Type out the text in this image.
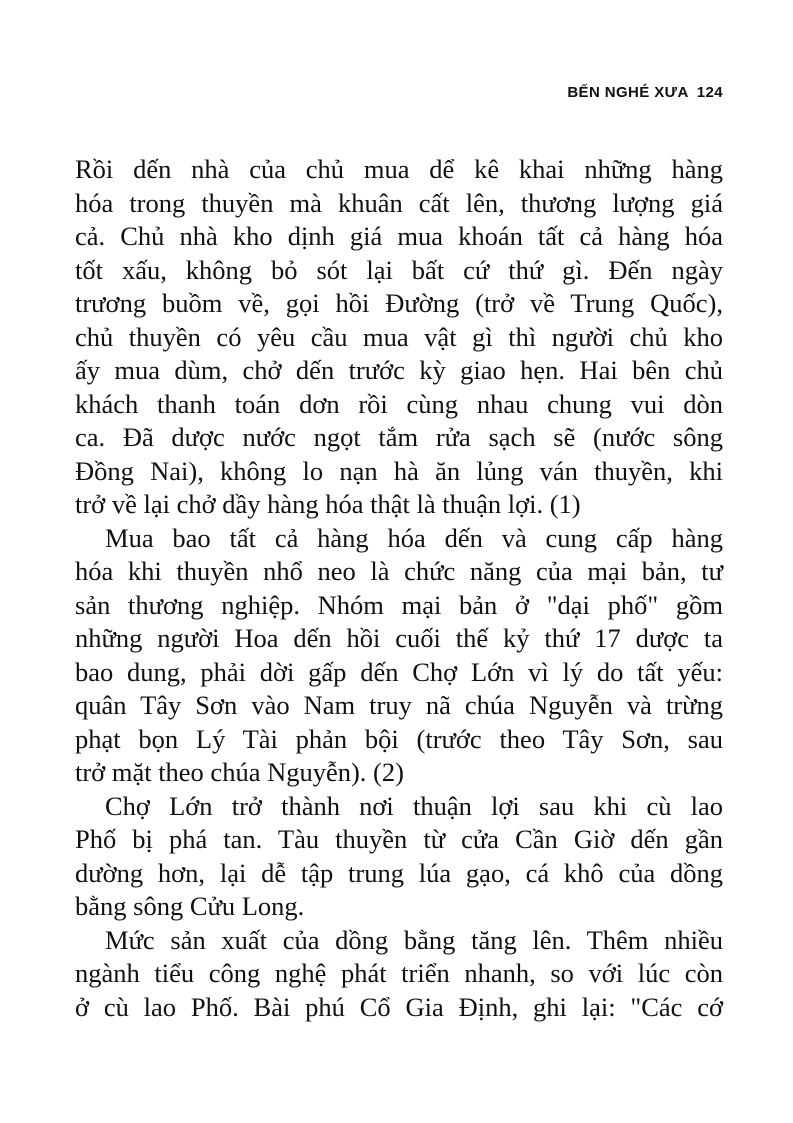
BẾN NGHÉ XƯA 124
Rồi dến nhà của chủ mua dể kê khai những hàng
hóa trong thuyền mà khuân cất lên, thương lượng giá
cả. Chủ nhà kho dịnh giá mua khoán tất cả hàng hóa
tốt xấu, không bỏ sót lại bất cứ thứ gì. Đến ngày
trương buồm về, gọi hồi Đường (trở về Trung Quốc),
chủ thuyền có yêu cầu mua vật gì thì người chủ kho
ấy mua dùm, chở dến trước kỳ giao hẹn. Hai bên chủ
khách thanh toán dơn rồi cùng nhau chung vui dòn
ca. Đã dược nước ngọt tắm rửa sạch sẽ (nước sông
Đồng Nai), không lo nạn hà ăn lủng ván thuyền, khi
trở về lại chở dầy hàng hóa thật là thuận lợi. (1)
Mua bao tất cả hàng hóa dến và cung cấp hàng
hóa khi thuyền nhổ neo là chức năng của mại bản, tư
sản thương nghiệp. Nhóm mại bản ở "dại phố" gồm
những người Hoa dến hồi cuối thế kỷ thứ 17 dược ta
bao dung, phải dời gấp dến Chợ Lớn vì lý do tất yếu:
quân Tây Sơn vào Nam truy nã chúa Nguyễn và trừng
phạt bọn Lý Tài phản bội (trước theo Tây Sơn, sau
trở mặt theo chúa Nguyễn). (2)
Chợ Lớn trở thành nơi thuận lợi sau khi cù lao
Phố bị phá tan. Tàu thuyền từ cửa Cần Giờ dến gần
dường hơn, lại dễ tập trung lúa gạo, cá khô của dồng
bằng sông Cửu Long.
Mức sản xuất của dồng bằng tăng lên. Thêm nhiều
ngành tiểu công nghệ phát triển nhanh, so với lúc còn
ở cù lao Phố. Bài phú Cổ Gia Định, ghi lại: "Các cớ
